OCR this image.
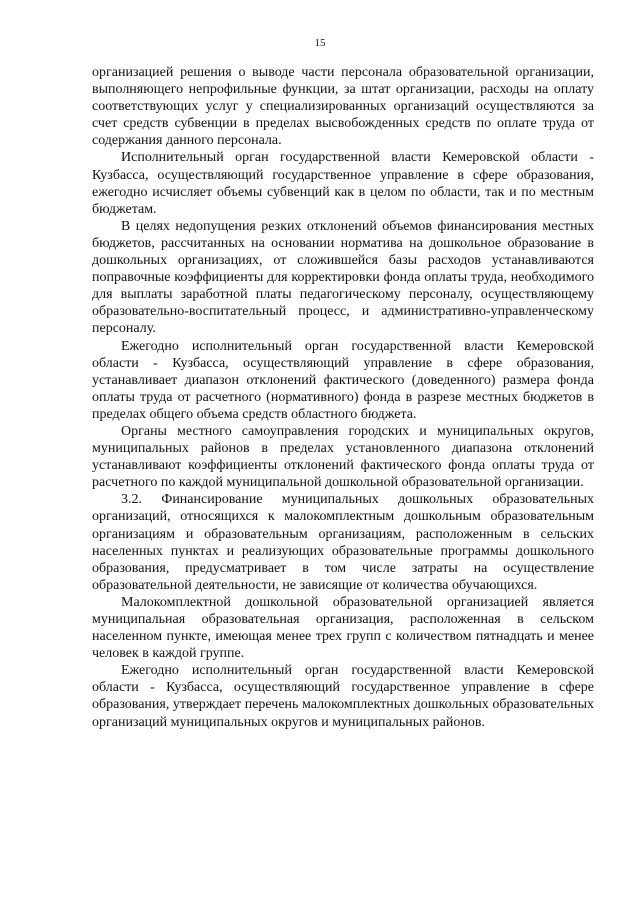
15

организацией решения о выводе части персонала образовательной организации, выполняющего непрофильные функции, за штат организации, расходы на оплату соответствующих услуг у специализированных организаций осуществляются за счет средств субвенции в пределах высвобожденных средств по оплате труда от содержания данного персонала.

Исполнительный орган государственной власти Кемеровской области - Кузбасса, осуществляющий государственное управление в сфере образования, ежегодно исчисляет объемы субвенций как в целом по области, так и по местным бюджетам.

В целях недопущения резких отклонений объемов финансирования местных бюджетов, рассчитанных на основании норматива на дошкольное образование в дошкольных организациях, от сложившейся базы расходов устанавливаются поправочные коэффициенты для корректировки фонда оплаты труда, необходимого для выплаты заработной платы педагогическому персоналу, осуществляющему образовательно-воспитательный процесс, и административно-управленческому персоналу.

Ежегодно исполнительный орган государственной власти Кемеровской области - Кузбасса, осуществляющий управление в сфере образования, устанавливает диапазон отклонений фактического (доведенного) размера фонда оплаты труда от расчетного (нормативного) фонда в разрезе местных бюджетов в пределах общего объема средств областного бюджета.

Органы местного самоуправления городских и муниципальных округов, муниципальных районов в пределах установленного диапазона отклонений устанавливают коэффициенты отклонений фактического фонда оплаты труда от расчетного по каждой муниципальной дошкольной образовательной организации.

3.2. Финансирование муниципальных дошкольных образовательных организаций, относящихся к малокомплектным дошкольным образовательным организациям и образовательным организациям, расположенным в сельских населенных пунктах и реализующих образовательные программы дошкольного образования, предусматривает в том числе затраты на осуществление образовательной деятельности, не зависящие от количества обучающихся.

Малокомплектной дошкольной образовательной организацией является муниципальная образовательная организация, расположенная в сельском населенном пункте, имеющая менее трех групп с количеством пятнадцать и менее человек в каждой группе.

Ежегодно исполнительный орган государственной власти Кемеровской области - Кузбасса, осуществляющий государственное управление в сфере образования, утверждает перечень малокомплектных дошкольных образовательных организаций муниципальных округов и муниципальных районов.
